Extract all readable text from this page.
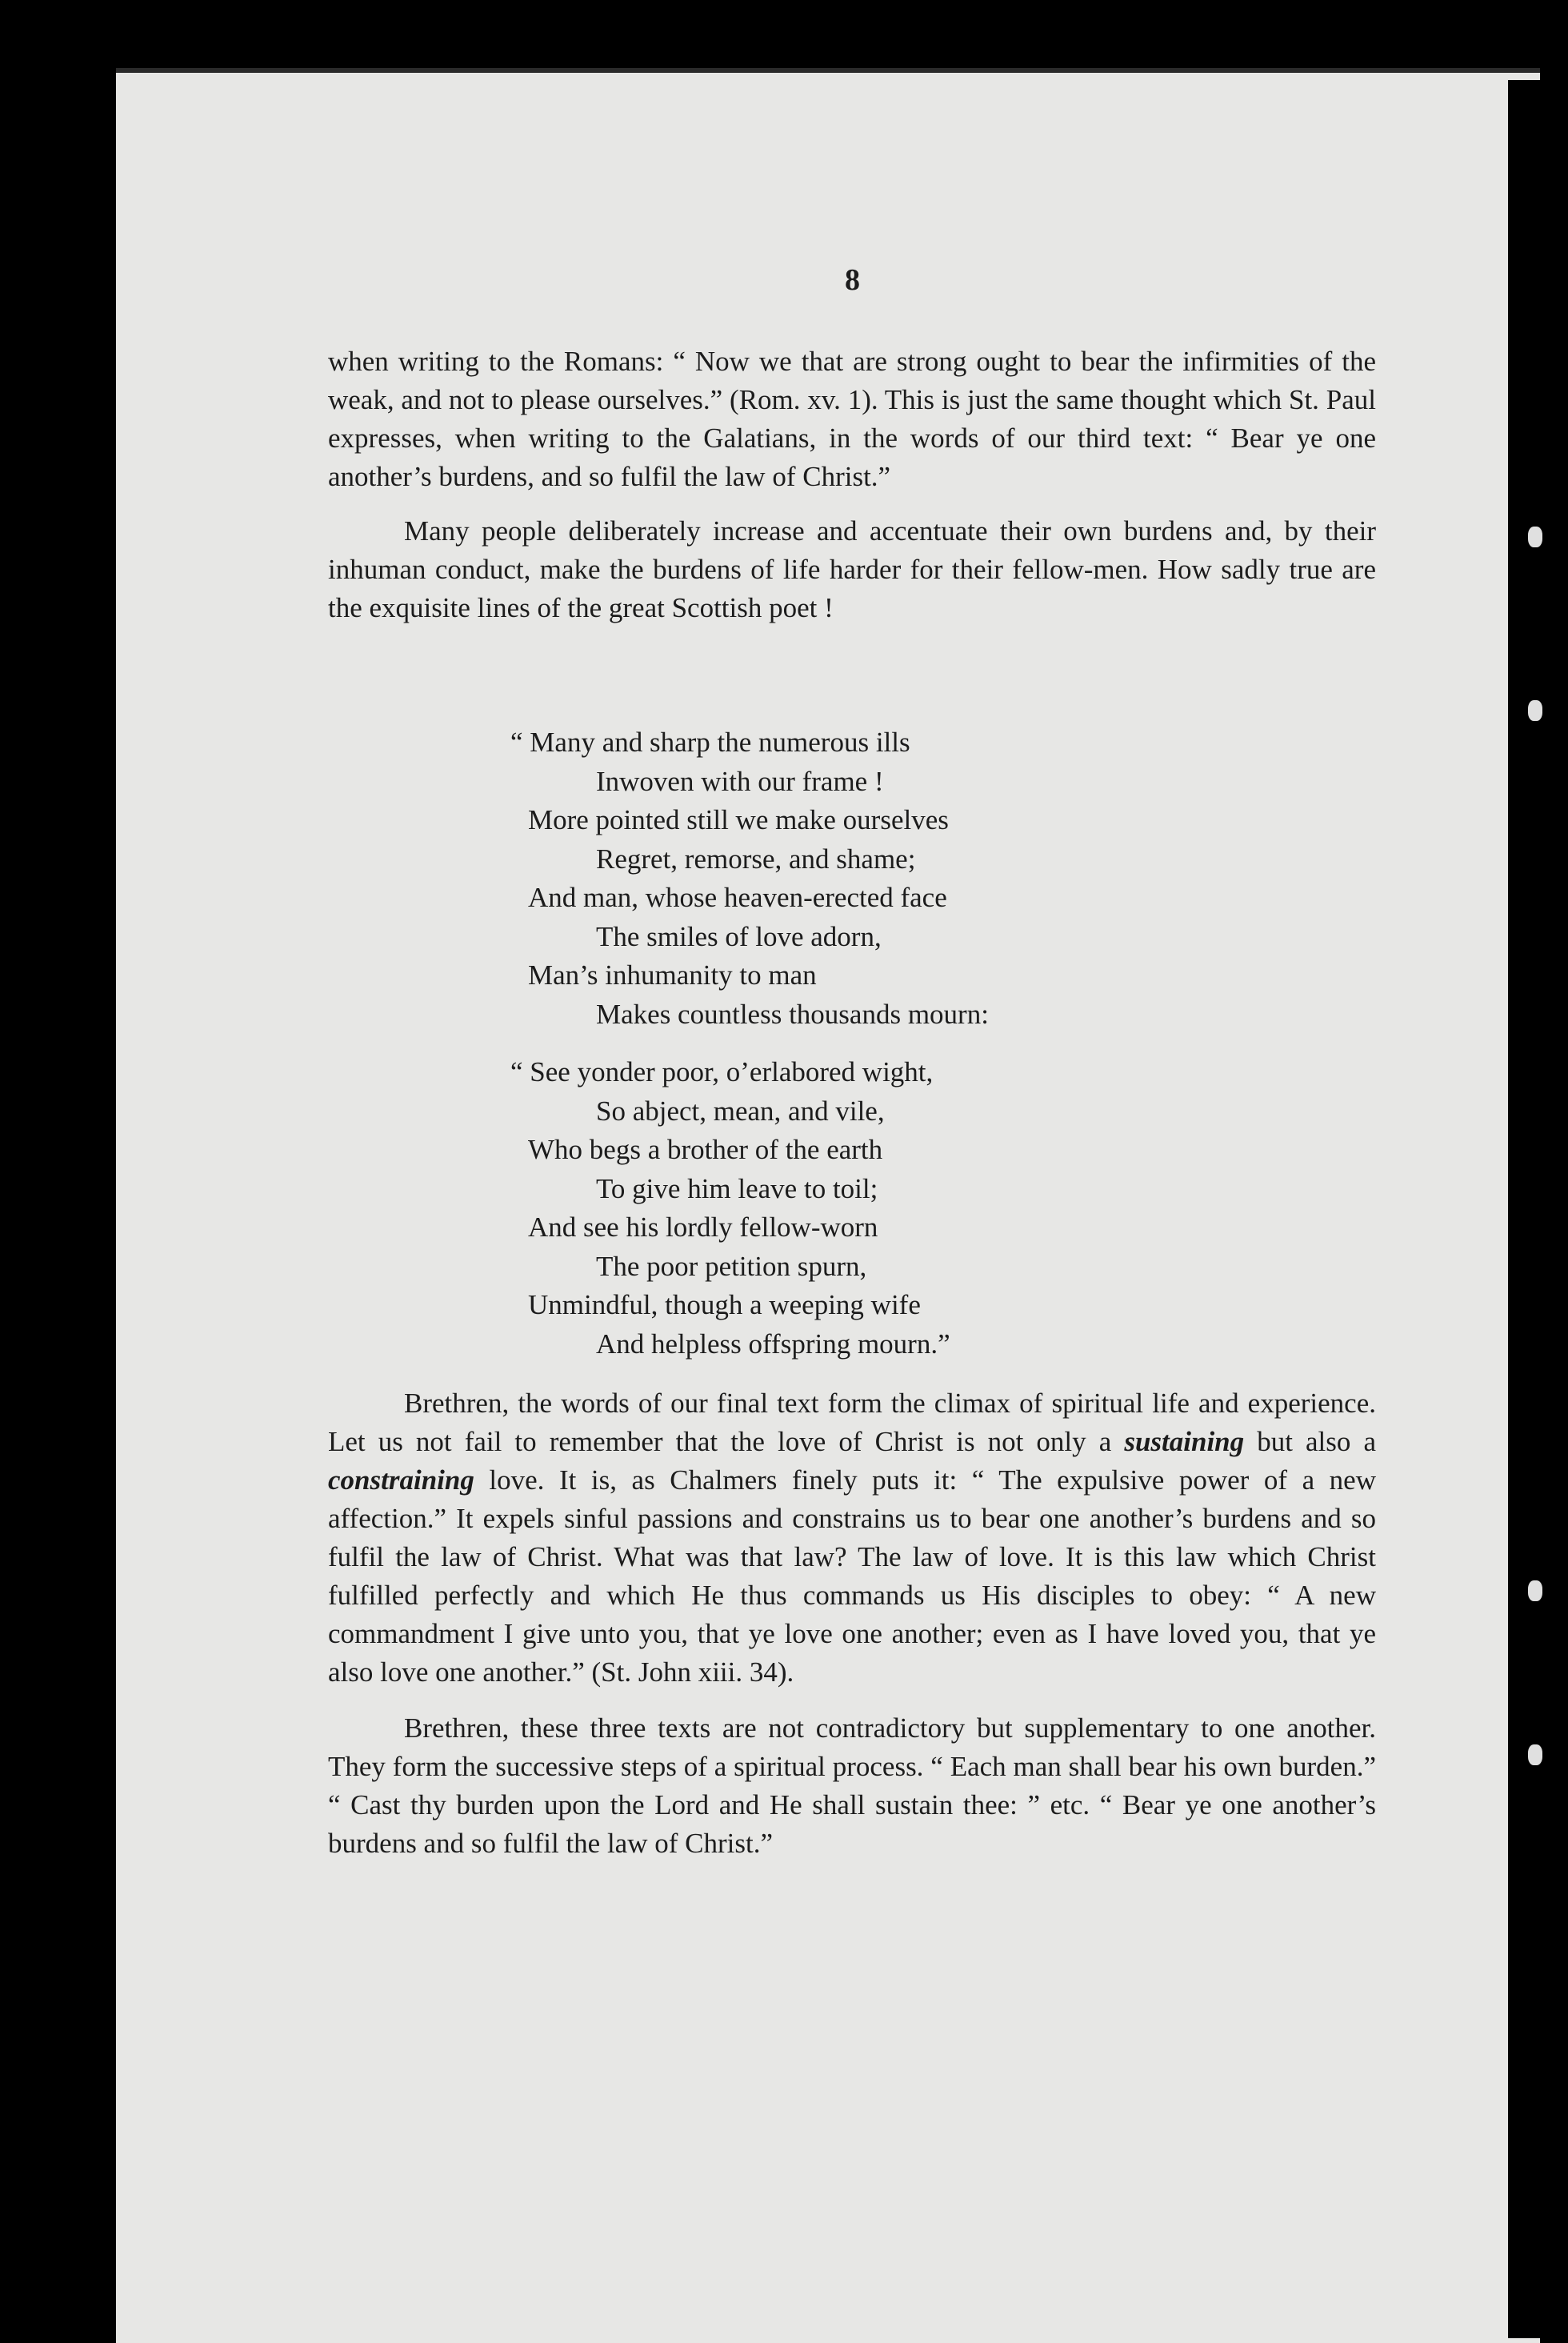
8

when writing to the Romans: “ Now we that are strong ought to bear the infirmities of the weak, and not to please ourselves.” (Rom. xv. 1). This is just the same thought which St. Paul expresses, when writing to the Galatians, in the words of our third text: “ Bear ye one another’s burdens, and so fulfil the law of Christ.”

Many people deliberately increase and accentuate their own burdens and, by their inhuman conduct, make the burdens of life harder for their fellow-men. How sadly true are the exquisite lines of the great Scottish poet !

“ Many and sharp the numerous ills
Inwoven with our frame !
More pointed still we make ourselves
Regret, remorse, and shame;
And man, whose heaven-erected face
The smiles of love adorn,
Man’s inhumanity to man
Makes countless thousands mourn:
“ See yonder poor, o’erlabored wight,
So abject, mean, and vile,
Who begs a brother of the earth
To give him leave to toil;
And see his lordly fellow-worn
The poor petition spurn,
Unmindful, though a weeping wife
And helpless offspring mourn.”

Brethren, the words of our final text form the climax of spiritual life and experience. Let us not fail to remember that the love of Christ is not only a sustaining but also a constraining love. It is, as Chalmers finely puts it: “ The expulsive power of a new affection.” It expels sinful passions and constrains us to bear one another’s burdens and so fulfil the law of Christ. What was that law? The law of love. It is this law which Christ fulfilled perfectly and which He thus commands us His disciples to obey: “ A new commandment I give unto you, that ye love one another; even as I have loved you, that ye also love one another.” (St. John xiii. 34).

Brethren, these three texts are not contradictory but supplementary to one another. They form the successive steps of a spiritual process. “ Each man shall bear his own burden.” “ Cast thy burden upon the Lord and He shall sustain thee: ” etc. “ Bear ye one another’s burdens and so fulfil the law of Christ.”
